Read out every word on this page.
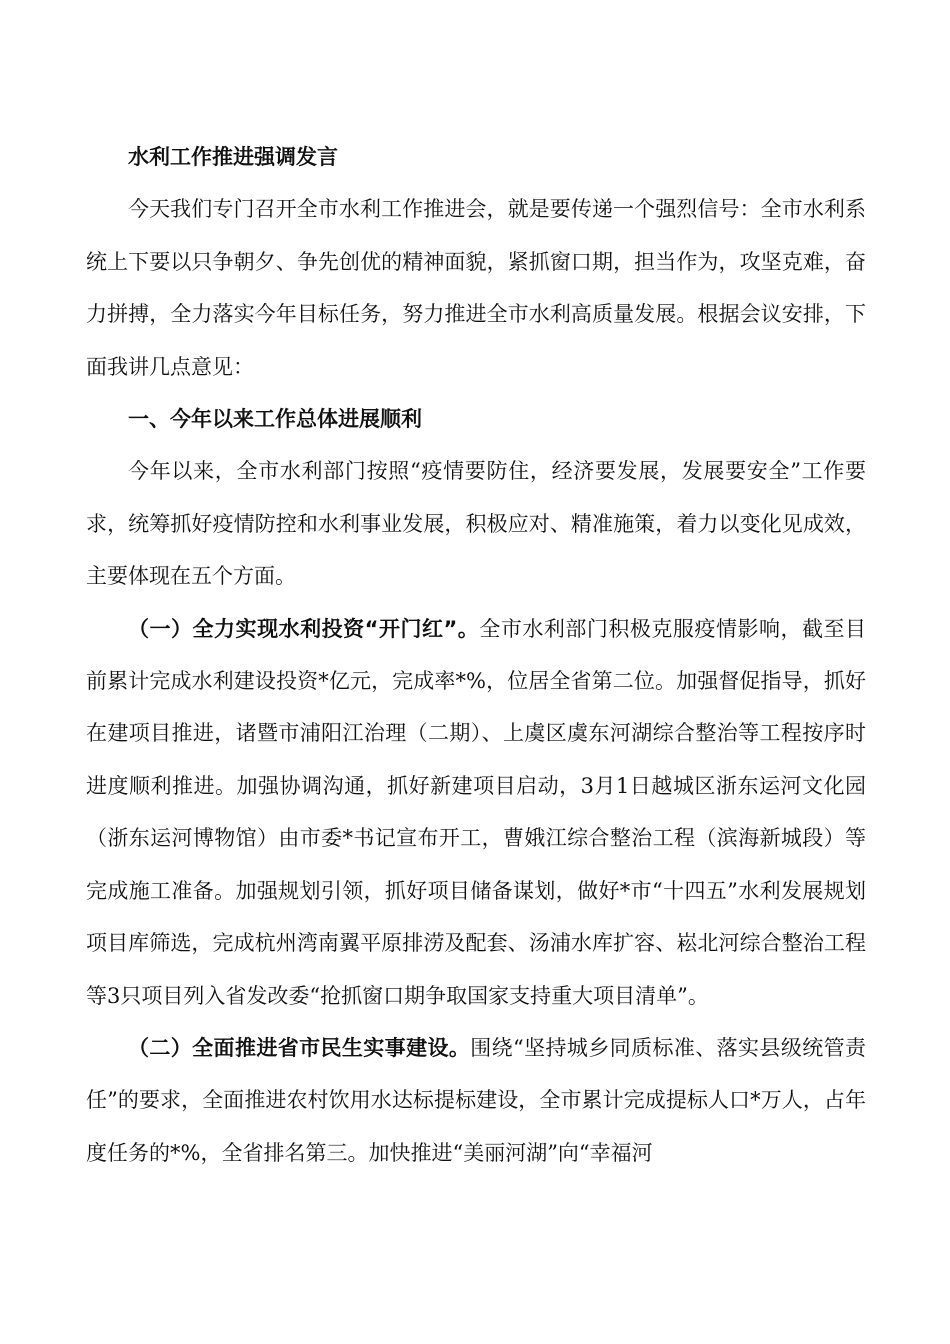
水利工作推进强调发言

今天我们专门召开全市水利工作推进会，就是要传递一个强烈信号：全市水利系统上下要以只争朝夕、争先创优的精神面貌，紧抓窗口期，担当作为，攻坚克难，奋力拼搏，全力落实今年目标任务，努力推进全市水利高质量发展。根据会议安排，下面我讲几点意见：

一、今年以来工作总体进展顺利

今年以来，全市水利部门按照“疫情要防住，经济要发展，发展要安全”工作要求，统筹抓好疫情防控和水利事业发展，积极应对、精准施策，着力以变化见成效，主要体现在五个方面。

（一）全力实现水利投资“开门红”。全市水利部门积极克服疫情影响，截至目前累计完成水利建设投资*亿元，完成率*%，位居全省第二位。加强督促指导，抓好在建项目推进，诸暨市浦阳江治理（二期）、上虞区虞东河湖综合整治等工程按序时进度顺利推进。加强协调沟通，抓好新建项目启动，3月1日越城区浙东运河文化园（浙东运河博物馆）由市委*书记宣布开工，曹娥江综合整治工程（滨海新城段）等完成施工准备。加强规划引领，抓好项目储备谋划，做好*市“十四五”水利发展规划项目库筛选，完成杭州湾南翼平原排涝及配套、汤浦水库扩容、崧北河综合整治工程等3只项目列入省发改委“抢抓窗口期争取国家支持重大项目清单”。

（二）全面推进省市民生实事建设。围绕“坚持城乡同质标准、落实县级统管责任”的要求，全面推进农村饮用水达标提标建设，全市累计完成提标人口*万人，占年度任务的*%，全省排名第三。加快推进“美丽河湖”向“幸福河
